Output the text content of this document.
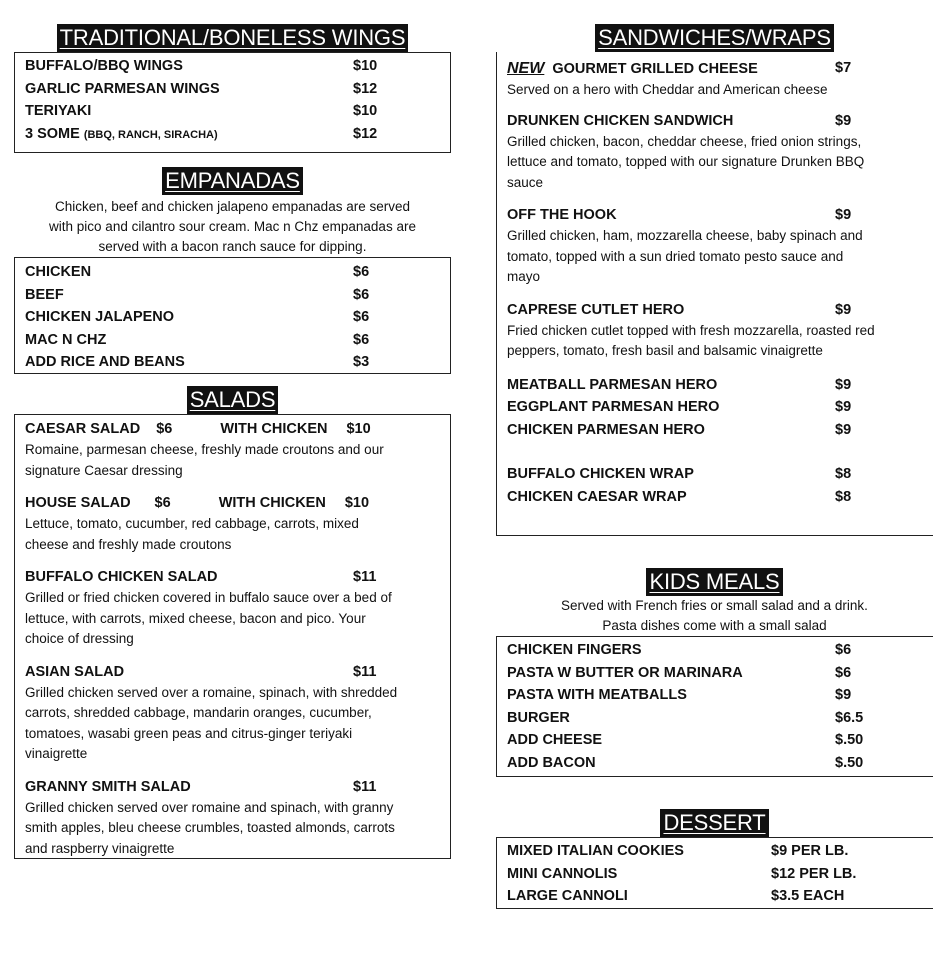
TRADITIONAL/BONELESS WINGS
BUFFALO/BBQ WINGS	$10
GARLIC PARMESAN WINGS	$12
TERIYAKI	$10
3 SOME (BBQ, RANCH, SIRACHA)	$12
EMPANADAS
Chicken, beef and chicken jalapeno empanadas are served
with pico and cilantro sour cream. Mac n Chz empanadas are
served with a bacon ranch sauce for dipping.
CHICKEN	$6
BEEF	$6
CHICKEN JALAPENO	$6
MAC N CHZ	$6
ADD RICE AND BEANS	$3
SALADS
CAESAR SALAD $6	WITH CHICKEN $10
Romaine, parmesan cheese, freshly made croutons and our
signature Caesar dressing
HOUSE SALAD $6	WITH CHICKEN $10
Lettuce, tomato, cucumber, red cabbage, carrots, mixed
cheese and freshly made croutons
BUFFALO CHICKEN SALAD	$11
Grilled or fried chicken covered in buffalo sauce over a bed of
lettuce, with carrots, mixed cheese, bacon and pico. Your
choice of dressing
ASIAN SALAD	$11
Grilled chicken served over a romaine, spinach, with shredded
carrots, shredded cabbage, mandarin oranges, cucumber,
tomatoes, wasabi green peas and citrus-ginger teriyaki
vinaigrette
GRANNY SMITH SALAD	$11
Grilled chicken served over romaine and spinach, with granny
smith apples, bleu cheese crumbles, toasted almonds, carrots
and raspberry vinaigrette
SANDWICHES/WRAPS
NEW GOURMET GRILLED CHEESE	$7
Served on a hero with Cheddar and American cheese
DRUNKEN CHICKEN SANDWICH	$9
Grilled chicken, bacon, cheddar cheese, fried onion strings,
lettuce and tomato, topped with our signature Drunken BBQ
sauce
OFF THE HOOK	$9
Grilled chicken, ham, mozzarella cheese, baby spinach and
tomato, topped with a sun dried tomato pesto sauce and
mayo
CAPRESE CUTLET HERO	$9
Fried chicken cutlet topped with fresh mozzarella, roasted red
peppers, tomato, fresh basil and balsamic vinaigrette
MEATBALL PARMESAN HERO	$9
EGGPLANT PARMESAN HERO	$9
CHICKEN PARMESAN HERO	$9
BUFFALO CHICKEN WRAP	$8
CHICKEN CAESAR WRAP	$8
KIDS MEALS
Served with French fries or small salad and a drink.
Pasta dishes come with a small salad
CHICKEN FINGERS	$6
PASTA W BUTTER OR MARINARA	$6
PASTA WITH MEATBALLS	$9
BURGER	$6.5
ADD CHEESE	$.50
ADD BACON	$.50
DESSERT
MIXED ITALIAN COOKIES	$9 PER LB.
MINI CANNOLIS	$12 PER LB.
LARGE CANNOLI	$3.5 EACH
